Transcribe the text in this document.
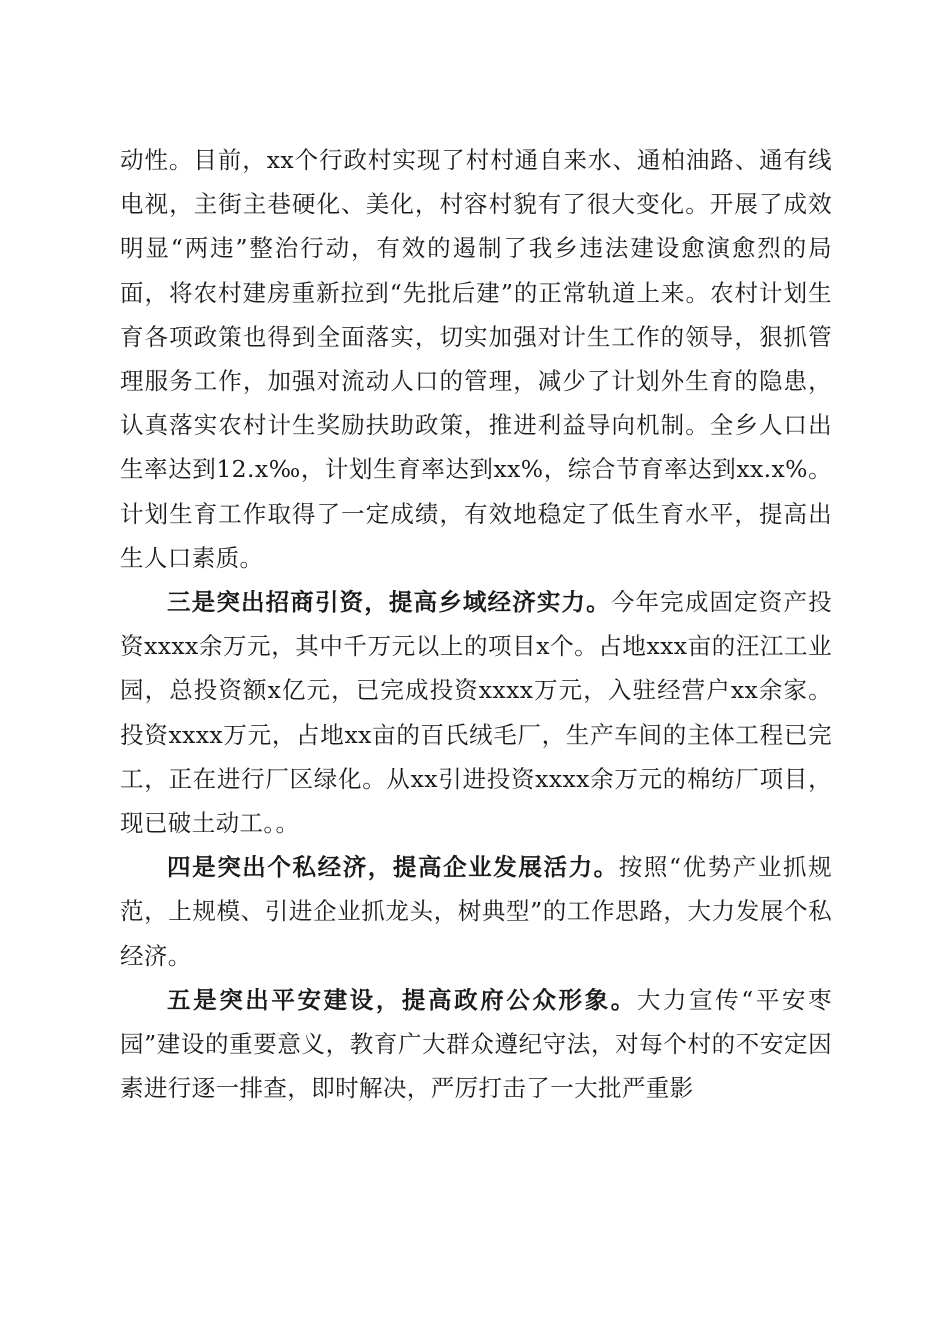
动性。目前，xx个行政村实现了村村通自来水、通柏油路、通有线电视，主街主巷硬化、美化，村容村貌有了很大变化。开展了成效明显“两违”整治行动，有效的遏制了我乡违法建设愈演愈烈的局面，将农村建房重新拉到“先批后建”的正常轨道上来。农村计划生育各项政策也得到全面落实，切实加强对计生工作的领导，狠抓管理服务工作，加强对流动人口的管理，减少了计划外生育的隐患，认真落实农村计生奖励扶助政策，推进利益导向机制。全乡人口出生率达到12.x‰，计划生育率达到xx%，综合节育率达到xx.x%。计划生育工作取得了一定成绩，有效地稳定了低生育水平，提高出生人口素质。

三是突出招商引资，提高乡域经济实力。今年完成固定资产投资xxxx余万元，其中千万元以上的项目x个。占地xxx亩的汪江工业园，总投资额x亿元，已完成投资xxxx万元，入驻经营户xx余家。投资xxxx万元，占地xx亩的百氏绒毛厂，生产车间的主体工程已完工，正在进行厂区绿化。从xx引进投资xxxx余万元的棉纺厂项目，现已破土动工。。

四是突出个私经济，提高企业发展活力。按照“优势产业抓规范，上规模、引进企业抓龙头，树典型”的工作思路，大力发展个私经济。

五是突出平安建设，提高政府公众形象。大力宣传“平安枣园”建设的重要意义，教育广大群众遵纪守法，对每个村的不安定因素进行逐一排查，即时解决，严厉打击了一大批严重影
